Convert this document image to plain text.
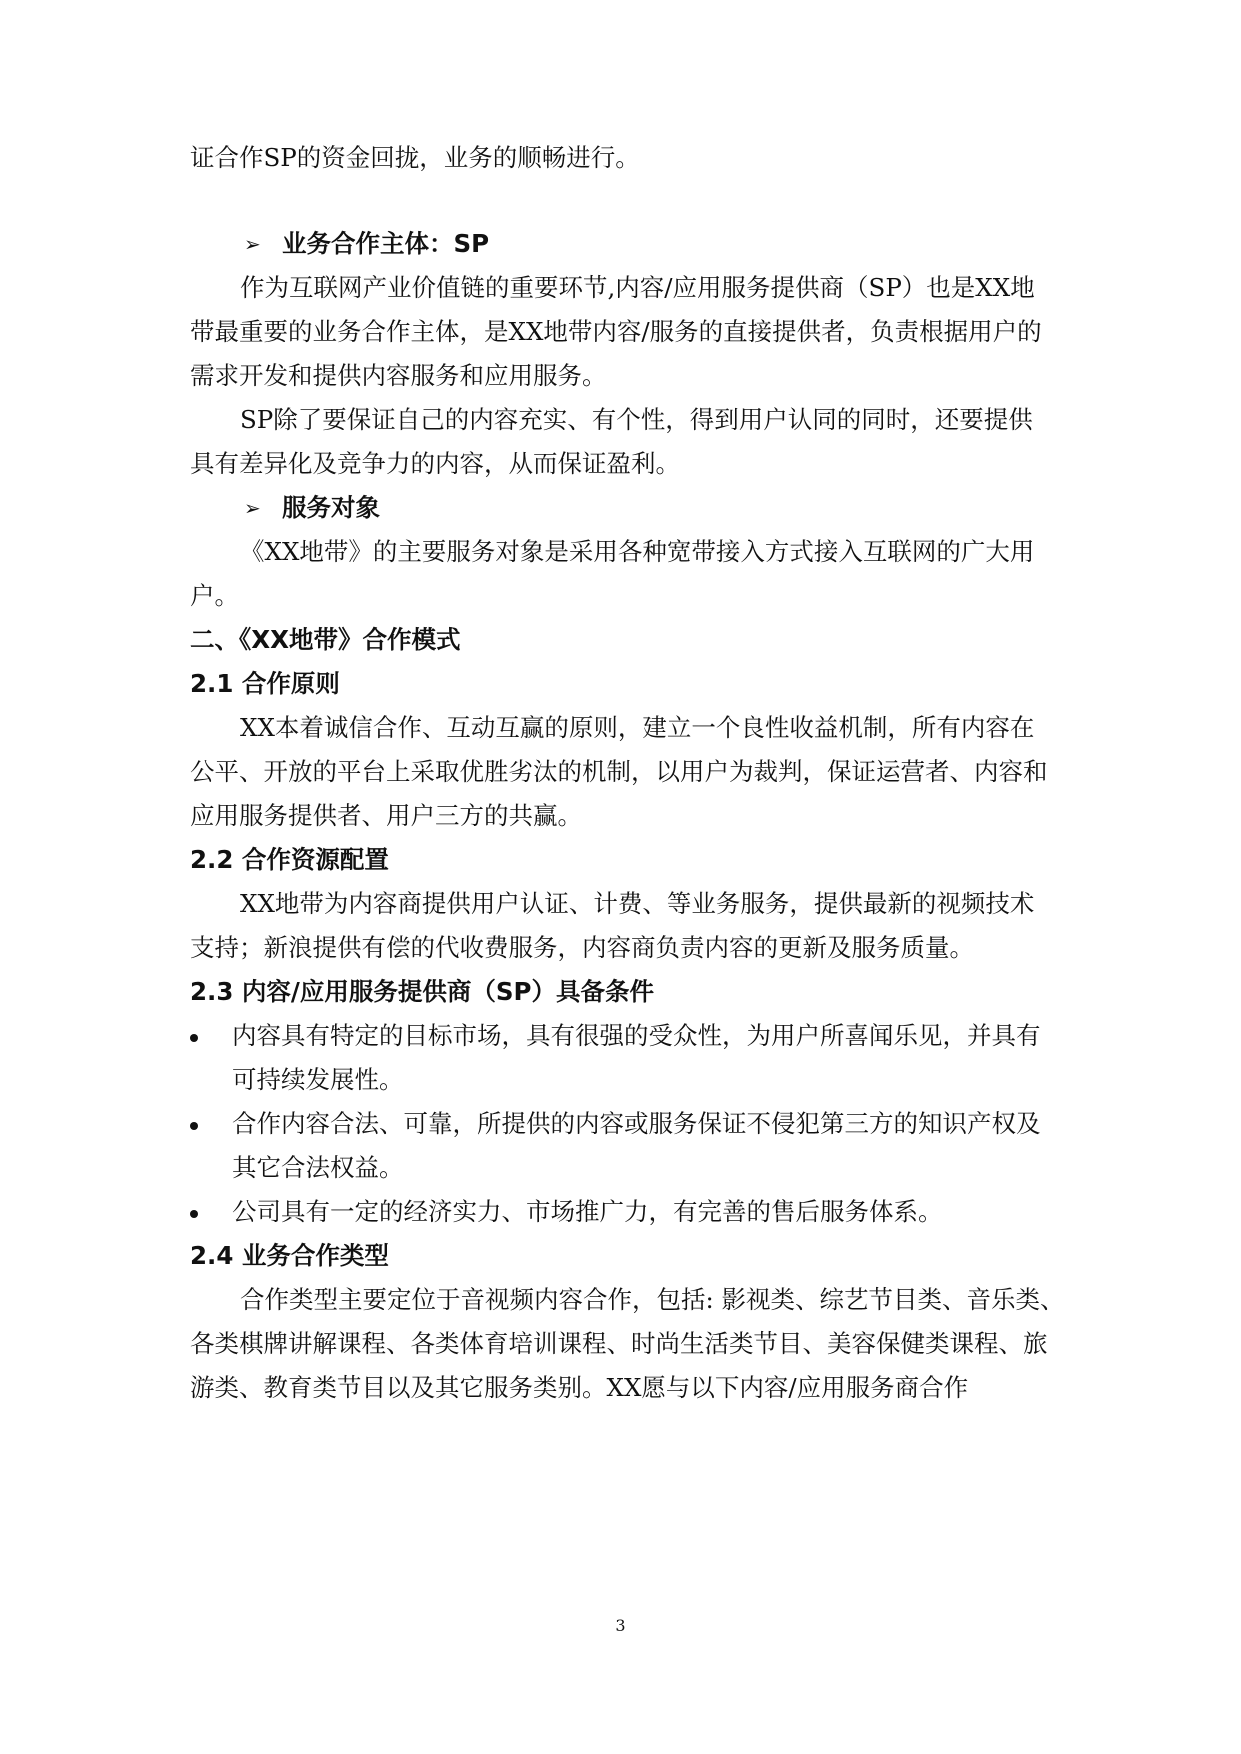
证合作SP的资金回拢，业务的顺畅进行。
➢ 业务合作主体：SP
作为互联网产业价值链的重要环节,内容/应用服务提供商（SP）也是XX地
带最重要的业务合作主体，是XX地带内容/服务的直接提供者，负责根据用户的
需求开发和提供内容服务和应用服务。
SP除了要保证自己的内容充实、有个性，得到用户认同的同时，还要提供
具有差异化及竞争力的内容，从而保证盈利。
➢ 服务对象
《XX地带》的主要服务对象是采用各种宽带接入方式接入互联网的广大用
户。
二、《XX地带》合作模式
2.1 合作原则
XX本着诚信合作、互动互赢的原则，建立一个良性收益机制，所有内容在
公平、开放的平台上采取优胜劣汰的机制，以用户为裁判，保证运营者、内容和
应用服务提供者、用户三方的共赢。
2.2 合作资源配置
XX地带为内容商提供用户认证、计费、等业务服务，提供最新的视频技术
支持；新浪提供有偿的代收费服务，内容商负责内容的更新及服务质量。
2.3 内容/应用服务提供商（SP）具备条件
内容具有特定的目标市场，具有很强的受众性，为用户所喜闻乐见，并具有
可持续发展性。
合作内容合法、可靠，所提供的内容或服务保证不侵犯第三方的知识产权及
其它合法权益。
公司具有一定的经济实力、市场推广力，有完善的售后服务体系。
2.4 业务合作类型
合作类型主要定位于音视频内容合作，包括: 影视类、综艺节目类、音乐类、
各类棋牌讲解课程、各类体育培训课程、时尚生活类节目、美容保健类课程、旅
游类、教育类节目以及其它服务类别。XX愿与以下内容/应用服务商合作
3
